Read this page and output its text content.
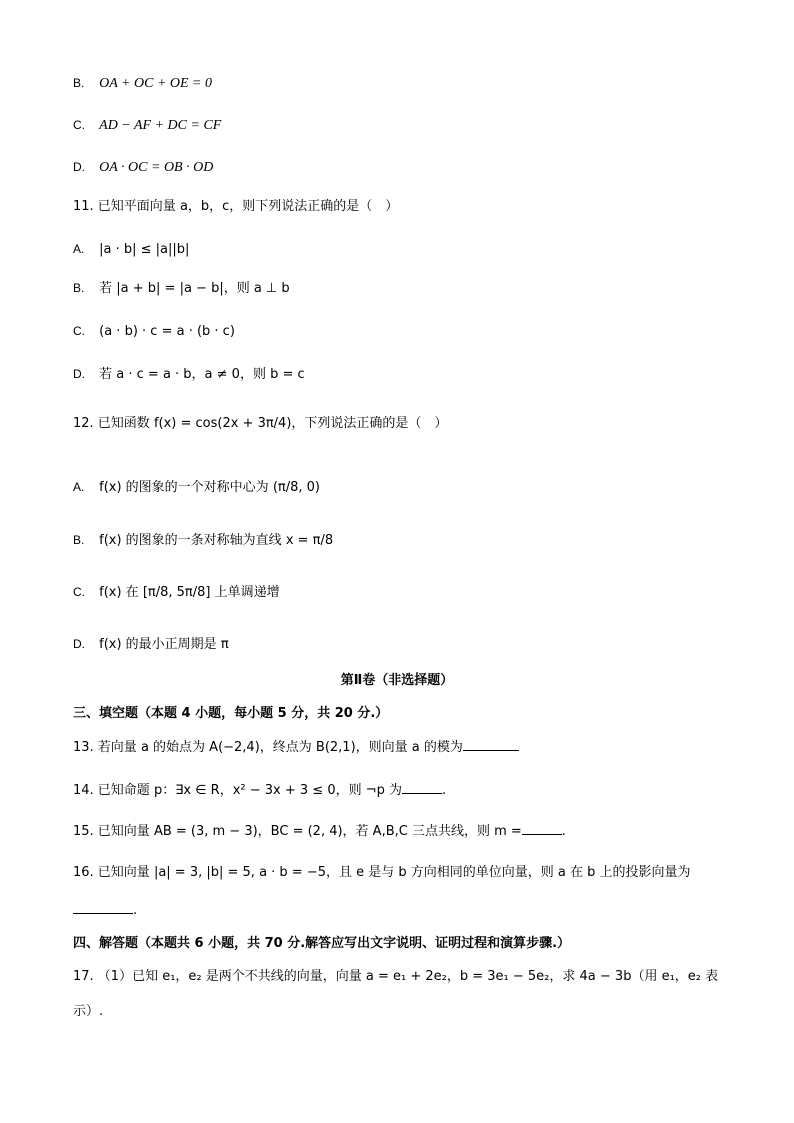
B. OA + OC + OE = 0
C. AD − AF + DC = CF
D. OA · OC = OB · OD
11. 已知平面向量 a，b，c，则下列说法正确的是（　）
A. |a · b| ≤ |a||b|
B. 若 |a + b| = |a − b|，则 a ⊥ b
C. (a · b) · c = a · (b · c)
D. 若 a · c = a · b，a ≠ 0，则 b = c
12. 已知函数 f(x) = cos(2x + 3π/4)，下列说法正确的是（　）
A. f(x) 的图象的一个对称中心为 (π/8, 0)
B. f(x) 的图象的一条对称轴为直线 x = π/8
C. f(x) 在 [π/8, 5π/8] 上单调递增
D. f(x) 的最小正周期是 π
第Ⅱ卷（非选择题）
三、填空题（本题 4 小题，每小题 5 分，共 20 分.）
13. 若向量 a 的始点为 A(−2,4)，终点为 B(2,1)，则向量 a 的模为
14. 已知命题 p：∃x ∈ R，x² − 3x + 3 ≤ 0，则 ¬p 为	.
15. 已知向量 AB = (3, m − 3)，BC = (2, 4)，若 A,B,C 三点共线，则 m =	.
16. 已知向量 |a| = 3, |b| = 5, a · b = −5，且 e 是与 b 方向相同的单位向量，则 a 在 b 上的投影向量为
.
四、解答题（本题共 6 小题，共 70 分.解答应写出文字说明、证明过程和演算步骤.）
17. （1）已知 e₁，e₂ 是两个不共线的向量，向量 a = e₁ + 2e₂，b = 3e₁ − 5e₂，求 4a − 3b（用 e₁，e₂ 表
示）.
